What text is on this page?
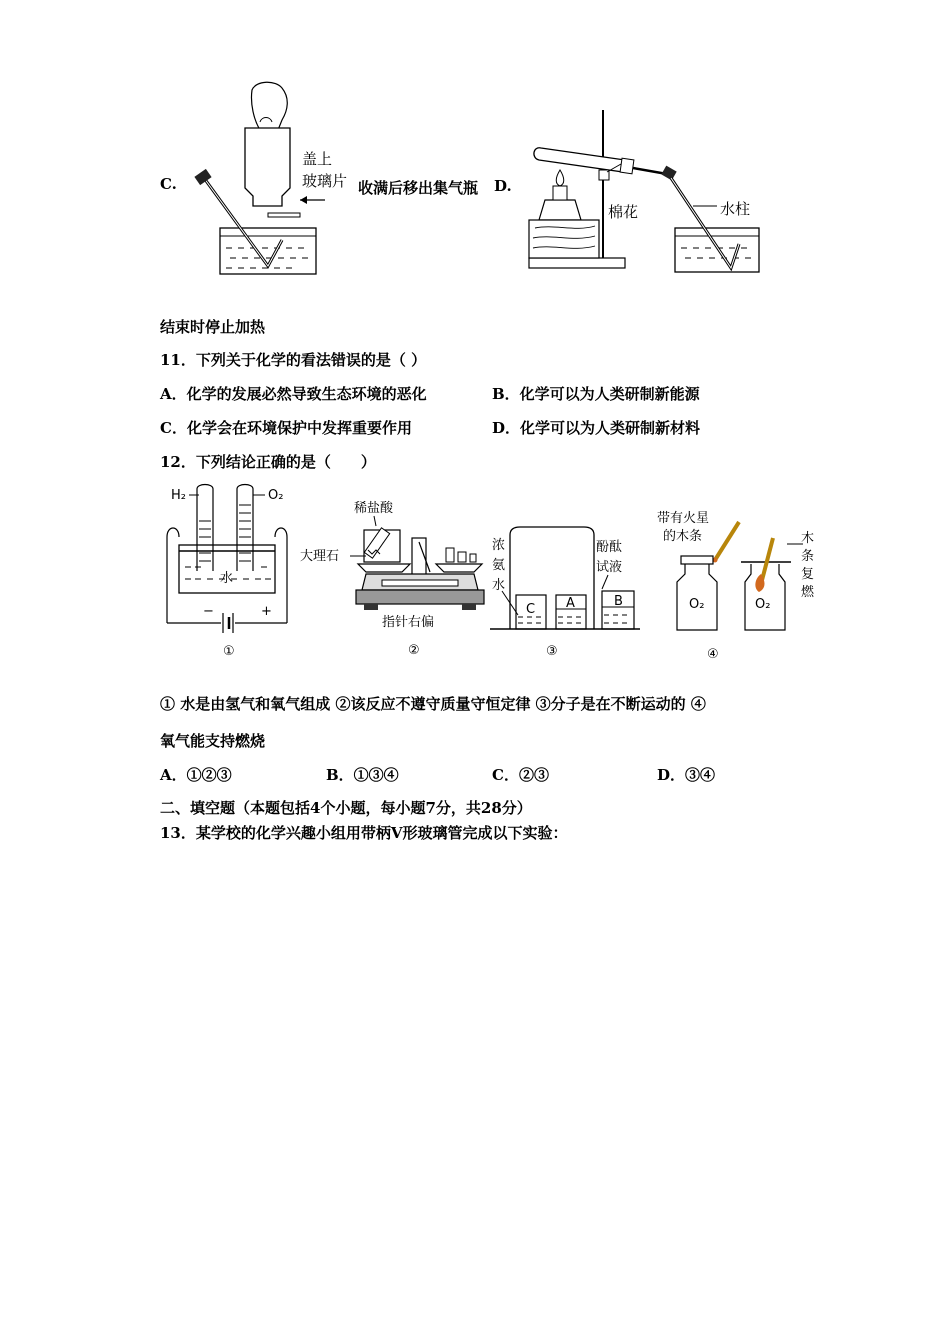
C.
盖上
玻璃片 收满后移出集气瓶 D.
棉花	水柱
结束时停止加热
11．下列关于化学的看法错误的是（ ）
A．化学的发展必然导致生态环境的恶化	B．化学可以为人类研制新能源
C．化学会在环境保护中发挥重要作用	D．化学可以为人类研制新材料
12．下列结论正确的是（　　）
H₂	O₂
水
−	+
①
稀盐酸
大理石
指针右偏
②
浓
氨
水
酚酞
试液
C A	B
③
带有火星
的木条
O₂	O₂
木
条
复
燃
④
① 水是由氢气和氧气组成 ②该反应不遵守质量守恒定律 ③分子是在不断运动的 ④
氧气能支持燃烧
A．①②③	B．①③④	C．②③	D．③④
二、填空题（本题包括4个小题，每小题7分，共28分）
13．某学校的化学兴趣小组用带柄V形玻璃管完成以下实验：
